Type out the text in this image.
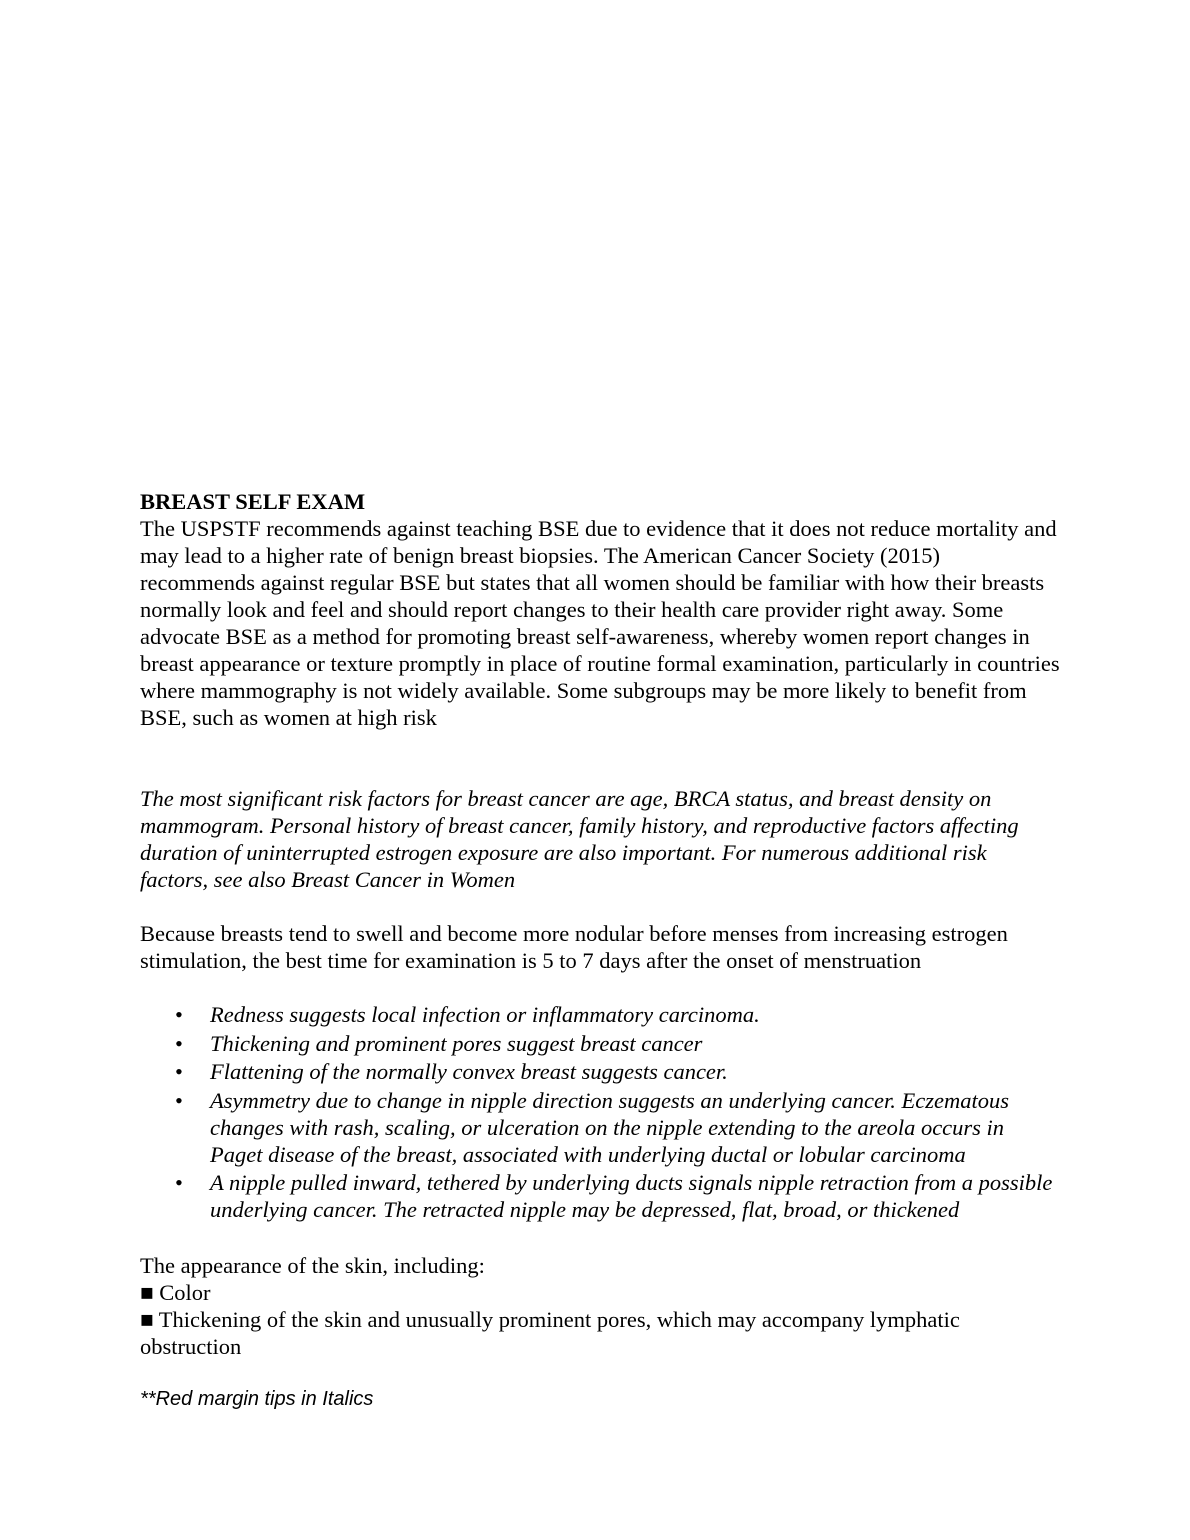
BREAST SELF EXAM

The USPSTF recommends against teaching BSE due to evidence that it does not reduce mortality and may lead to a higher rate of benign breast biopsies. The American Cancer Society (2015) recommends against regular BSE but states that all women should be familiar with how their breasts normally look and feel and should report changes to their health care provider right away. Some advocate BSE as a method for promoting breast self-awareness, whereby women report changes in breast appearance or texture promptly in place of routine formal examination, particularly in countries where mammography is not widely available. Some subgroups may be more likely to benefit from BSE, such as women at high risk

The most significant risk factors for breast cancer are age, BRCA status, and breast density on mammogram. Personal history of breast cancer, family history, and reproductive factors affecting duration of uninterrupted estrogen exposure are also important. For numerous additional risk factors, see also Breast Cancer in Women

Because breasts tend to swell and become more nodular before menses from increasing estrogen stimulation, the best time for examination is 5 to 7 days after the onset of menstruation

• Redness suggests local infection or inflammatory carcinoma.
• Thickening and prominent pores suggest breast cancer
• Flattening of the normally convex breast suggests cancer.
• Asymmetry due to change in nipple direction suggests an underlying cancer. Eczematous changes with rash, scaling, or ulceration on the nipple extending to the areola occurs in Paget disease of the breast, associated with underlying ductal or lobular carcinoma
• A nipple pulled inward, tethered by underlying ducts signals nipple retraction from a possible underlying cancer. The retracted nipple may be depressed, flat, broad, or thickened

The appearance of the skin, including:

■ Color

■ Thickening of the skin and unusually prominent pores, which may accompany lymphatic obstruction

**Red margin tips in Italics
